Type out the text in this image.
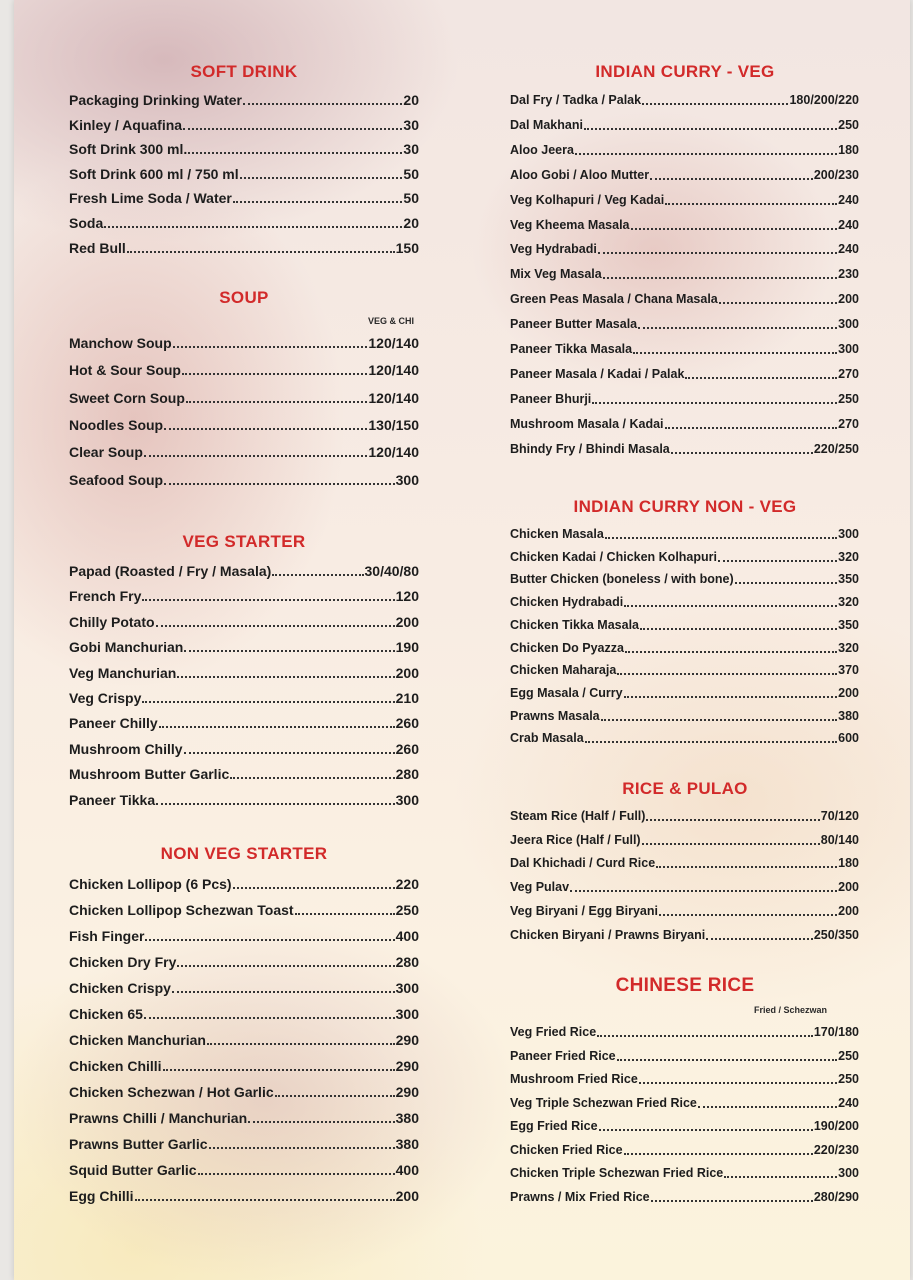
SOFT DRINK
Packaging Drinking Water	20
Kinley / Aquafina	30
Soft Drink 300 ml.	30
Soft Drink 600 ml / 750 ml	50
Fresh Lime Soda / Water	50
Soda	20
Red Bull	150
SOUP
VEG & CHI
Manchow Soup	120/140
Hot & Sour Soup	120/140
Sweet Corn Soup	120/140
Noodles Soup	130/150
Clear Soup	120/140
Seafood Soup	300
VEG STARTER
Papad (Roasted / Fry / Masala)	30/40/80
French Fry	120
Chilly Potato	200
Gobi Manchurian	190
Veg Manchurian	200
Veg Crispy	210
Paneer Chilly	260
Mushroom Chilly	260
Mushroom Butter Garlic	280
Paneer Tikka	300
NON VEG STARTER
Chicken Lollipop (6 Pcs)	220
Chicken Lollipop Schezwan Toast	250
Fish Finger	400
Chicken Dry Fry	280
Chicken Crispy	300
Chicken 65	300
Chicken Manchurian	290
Chicken Chilli	290
Chicken Schezwan / Hot Garlic	290
Prawns Chilli / Manchurian	380
Prawns Butter Garlic	380
Squid Butter Garlic	400
Egg Chilli	200
INDIAN CURRY - VEG
Dal Fry / Tadka / Palak	180/200/220
Dal Makhani	250
Aloo Jeera	180
Aloo Gobi / Aloo Mutter	200/230
Veg Kolhapuri / Veg Kadai	240
Veg Kheema Masala	240
Veg Hydrabadi	240
Mix Veg Masala	230
Green Peas Masala / Chana Masala	200
Paneer Butter Masala	300
Paneer Tikka Masala	300
Paneer Masala / Kadai / Palak	270
Paneer Bhurji	250
Mushroom Masala / Kadai	270
Bhindy Fry / Bhindi Masala	220/250
INDIAN CURRY NON - VEG
Chicken Masala	300
Chicken Kadai / Chicken Kolhapuri	320
Butter Chicken (boneless / with bone)	350
Chicken Hydrabadi	320
Chicken Tikka Masala	350
Chicken Do Pyazza	320
Chicken Maharaja	370
Egg Masala / Curry	200
Prawns Masala	380
Crab Masala	600
RICE & PULAO
Steam Rice (Half / Full)	70/120
Jeera Rice (Half / Full)	80/140
Dal Khichadi / Curd Rice	180
Veg Pulav	200
Veg Biryani / Egg Biryani	200
Chicken Biryani / Prawns Biryani	250/350
CHINESE RICE
Fried / Schezwan
Veg Fried Rice	170/180
Paneer Fried Rice	250
Mushroom Fried Rice	250
Veg Triple Schezwan Fried Rice	240
Egg Fried Rice	190/200
Chicken Fried Rice	220/230
Chicken Triple Schezwan Fried Rice	300
Prawns / Mix Fried Rice	280/290
